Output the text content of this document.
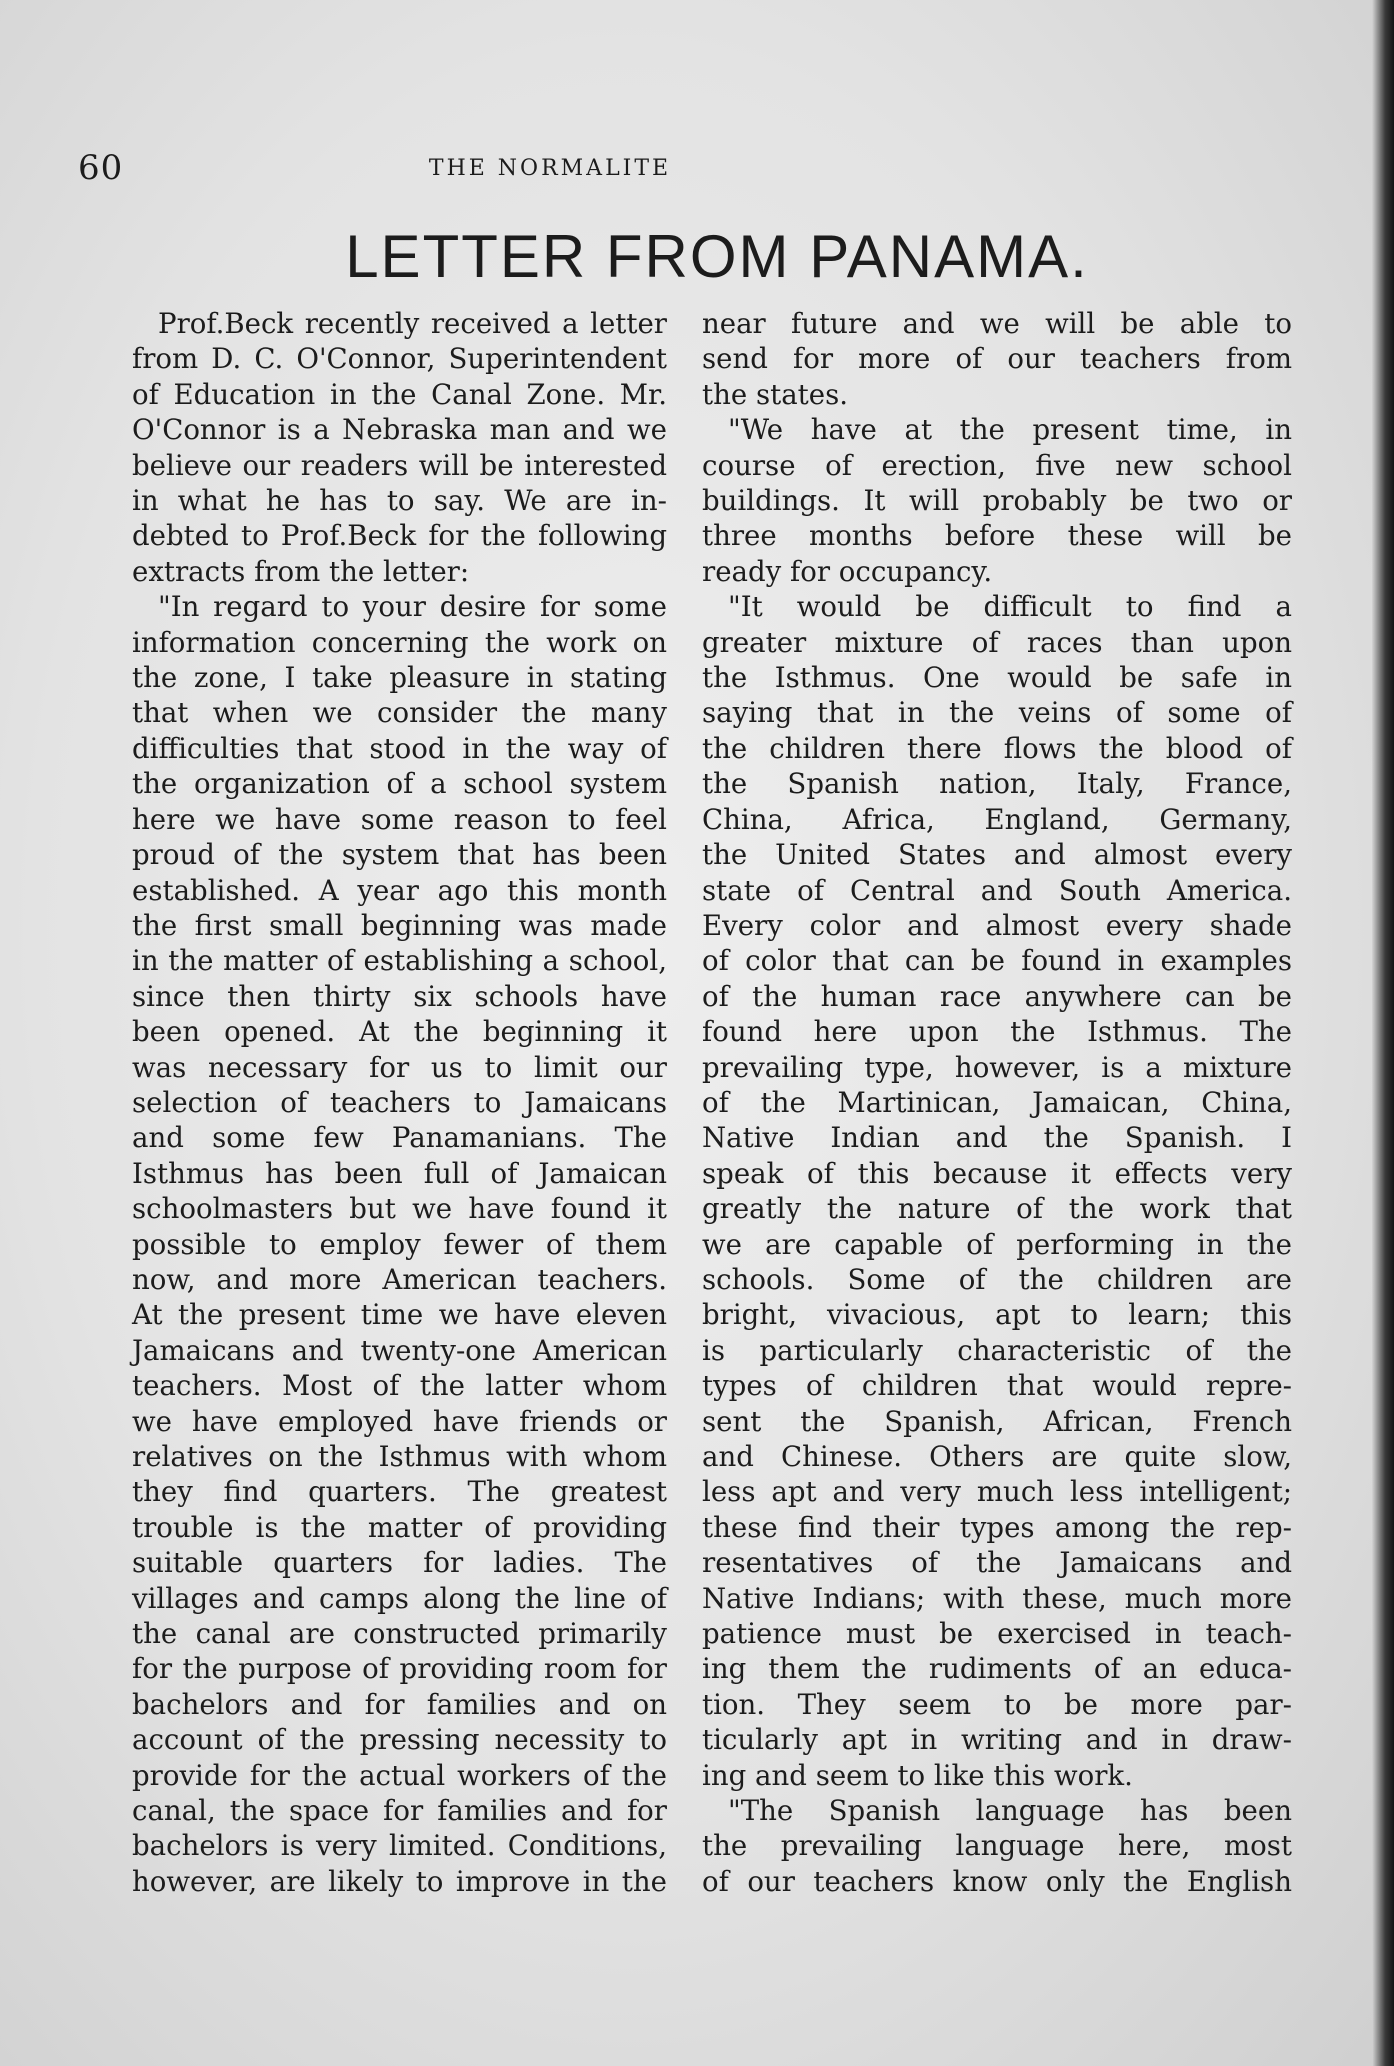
60	THE NORMALITE
LETTER FROM PANAMA.
Prof.Beck recently received a letter
from D. C. O'Connor, Superintendent
of Education in the Canal Zone. Mr.
O'Connor is a Nebraska man and we
believe our readers will be interested
in what he has to say. We are in-
debted to Prof.Beck for the following
extracts from the letter:
"In regard to your desire for some
information concerning the work on
the zone, I take pleasure in stating
that when we consider the many
difficulties that stood in the way of
the organization of a school system
here we have some reason to feel
proud of the system that has been
established. A year ago this month
the first small beginning was made
in the matter of establishing a school,
since then thirty six schools have
been opened. At the beginning it
was necessary for us to limit our
selection of teachers to Jamaicans
and some few Panamanians. The
Isthmus has been full of Jamaican
schoolmasters but we have found it
possible to employ fewer of them
now, and more American teachers.
At the present time we have eleven
Jamaicans and twenty-one American
teachers. Most of the latter whom
we have employed have friends or
relatives on the Isthmus with whom
they find quarters. The greatest
trouble is the matter of providing
suitable quarters for ladies. The
villages and camps along the line of
the canal are constructed primarily
for the purpose of providing room for
bachelors and for families and on
account of the pressing necessity to
provide for the actual workers of the
canal, the space for families and for
bachelors is very limited. Conditions,
however, are likely to improve in the
near future and we will be able to
send for more of our teachers from
the states.
"We have at the present time, in
course of erection, five new school
buildings. It will probably be two or
three months before these will be
ready for occupancy.
"It would be difficult to find a
greater mixture of races than upon
the Isthmus. One would be safe in
saying that in the veins of some of
the children there flows the blood of
the Spanish nation, Italy, France,
China, Africa, England, Germany,
the United States and almost every
state of Central and South America.
Every color and almost every shade
of color that can be found in examples
of the human race anywhere can be
found here upon the Isthmus. The
prevailing type, however, is a mixture
of the Martinican, Jamaican, China,
Native Indian and the Spanish. I
speak of this because it effects very
greatly the nature of the work that
we are capable of performing in the
schools. Some of the children are
bright, vivacious, apt to learn; this
is particularly characteristic of the
types of children that would repre-
sent the Spanish, African, French
and Chinese. Others are quite slow,
less apt and very much less intelligent;
these find their types among the rep-
resentatives of the Jamaicans and
Native Indians; with these, much more
patience must be exercised in teach-
ing them the rudiments of an educa-
tion. They seem to be more par-
ticularly apt in writing and in draw-
ing and seem to like this work.
"The Spanish language has been
the prevailing language here, most
of our teachers know only the English
